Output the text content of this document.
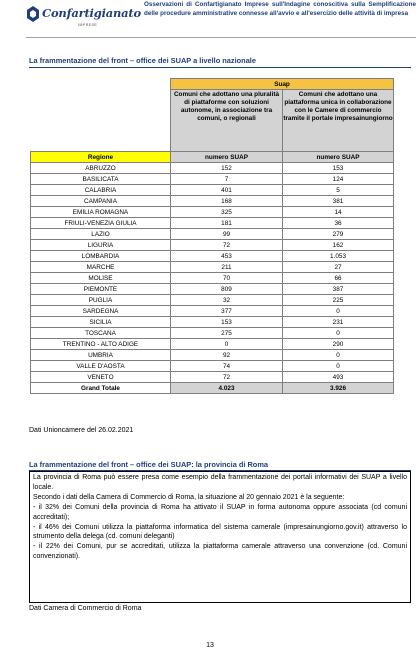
Confartigianato
IMPRESE
Osservazioni di Confartigianato Imprese sull'Indagine conoscitiva sulla Semplificazione delle procedure amministrative connesse all'avvio e all'esercizio delle attività di impresa
La frammentazione del front – office dei SUAP a livello nazionale
	Suap	
	Comuni che adottano una pluralità di piattaforme con soluzioni autonome, in associazione tra comuni, o regionali	Comuni che adottano una piattaforma unica in collaborazione con le Camere di commercio tramite il portale impresainungiorno
Regione	numero SUAP	numero SUAP
ABRUZZO	152	153
BASILICATA	7	124
CALABRIA	401	5
CAMPANIA	168	381
EMILIA ROMAGNA	325	14
FRIULI-VENEZIA GIULIA	181	36
LAZIO	99	279
LIGURIA	72	162
LOMBARDIA	453	1.053
MARCHE	211	27
MOLISE	70	66
PIEMONTE	809	387
PUGLIA	32	225
SARDEGNA	377	0
SICILIA	153	231
TOSCANA	275	0
TRENTINO - ALTO ADIGE	0	290
UMBRIA	92	0
VALLE D'AOSTA	74	0
VENETO	72	493
Grand Totale	4.023	3.926
Dati Unioncamere del 26.02.2021
La frammentazione del front – office dei SUAP: la provincia di Roma

La provincia di Roma può essere presa come esempio della frammentazione dei portali informativi dei SUAP a livello locale.

Secondo i dati della Camera di Commercio di Roma, la situazione al 20 gennaio 2021 è la seguente:

- il 32% dei Comuni della provincia di Roma ha attivato il SUAP in forma autonoma oppure associata (cd comuni accreditati);

- il 46% dei Comuni utilizza la piattaforma informatica del sistema camerale (impresainungiorno.gov.it) attraverso lo strumento della delega (cd. comuni deleganti)

- il 22% dei Comuni, pur se accreditati, utilizza la piattaforma camerale attraverso una convenzione (cd. Comuni convenzionati).

Dati Camera di Commercio di Roma
13
